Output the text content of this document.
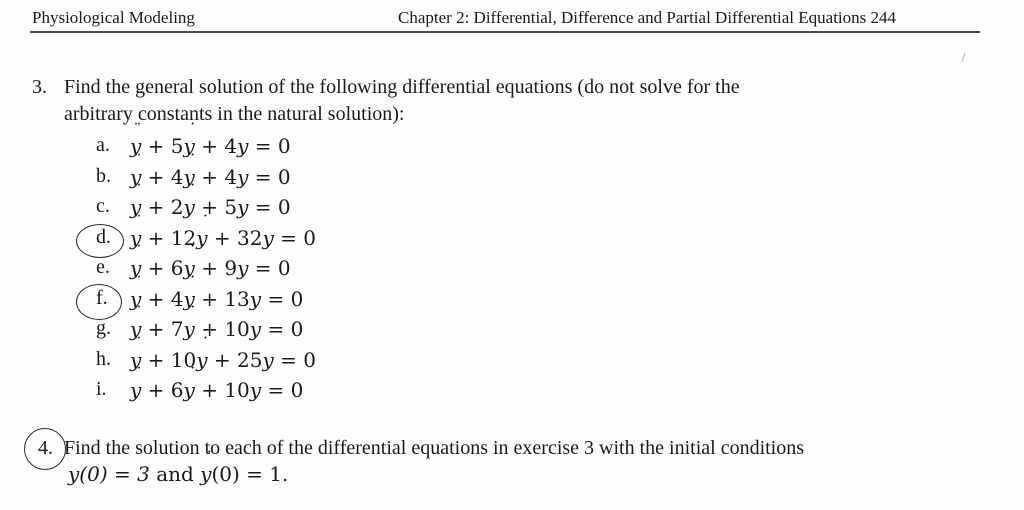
Physiological Modeling	Chapter 2: Differential, Difference and Partial Differential Equations 244
3. Find the general solution of the following differential equations (do not solve for the
arbitrary constants in the natural solution):
a. ¨ y + 5˙ y + 4y = 0
b. ¨ y + 4˙ y + 4y = 0
c. ¨ y + 2˙ y + 5y = 0
d. ¨ y + 12˙ y + 32y = 0
e. ¨ y + 6˙ y + 9y = 0
f. ¨ y + 4˙ y + 13y = 0
g. ¨ y + 7˙ y + 10y = 0
h. ¨ y + 10˙ y + 25y = 0
i. ¨ y + 6˙ y + 10y = 0
4. Find the solution to each of the differential equations in exercise 3 with the initial conditions
y(0) = 3 and ˙ y(0) = 1.
/
